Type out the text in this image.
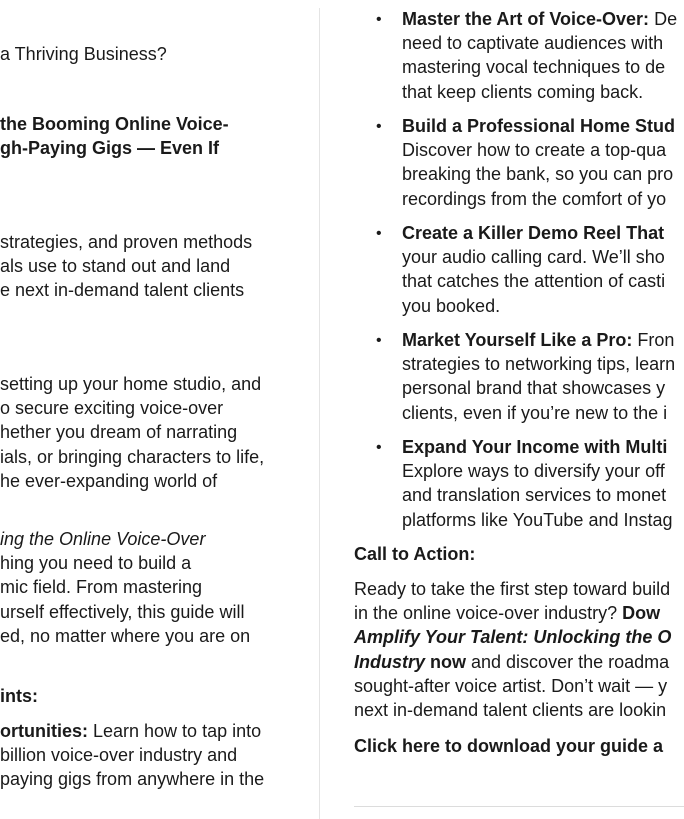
a Thriving Business?
the Booming Online Voice-
gh-Paying Gigs — Even If
strategies, and proven methods
als use to stand out and land
e next in-demand talent clients
setting up your home studio, and
o secure exciting voice-over
hether you dream of narrating
ials, or bringing characters to life,
he ever-expanding world of
ing the Online Voice-Over
hing you need to build a
mic field. From mastering
urself effectively, this guide will
ed, no matter where you are on
ints:
ortunities: Learn how to tap into
billion voice-over industry and
paying gigs from anywhere in the
• Master the Art of Voice-Over: De
need to captivate audiences with
mastering vocal techniques to de
that keep clients coming back.
• Build a Professional Home Stud
Discover how to create a top-qua
breaking the bank, so you can pro
recordings from the comfort of yo
• Create a Killer Demo Reel That
your audio calling card. We’ll sho
that catches the attention of casti
you booked.
• Market Yourself Like a Pro: Fron
strategies to networking tips, learn
personal brand that showcases y
clients, even if you’re new to the i
• Expand Your Income with Multi
Explore ways to diversify your off
and translation services to monet
platforms like YouTube and Instag
Call to Action:
Ready to take the first step toward build
in the online voice-over industry? Dow
Amplify Your Talent: Unlocking the O
Industry now and discover the roadma
sought-after voice artist. Don’t wait — y
next in-demand talent clients are lookin
Click here to download your guide a
